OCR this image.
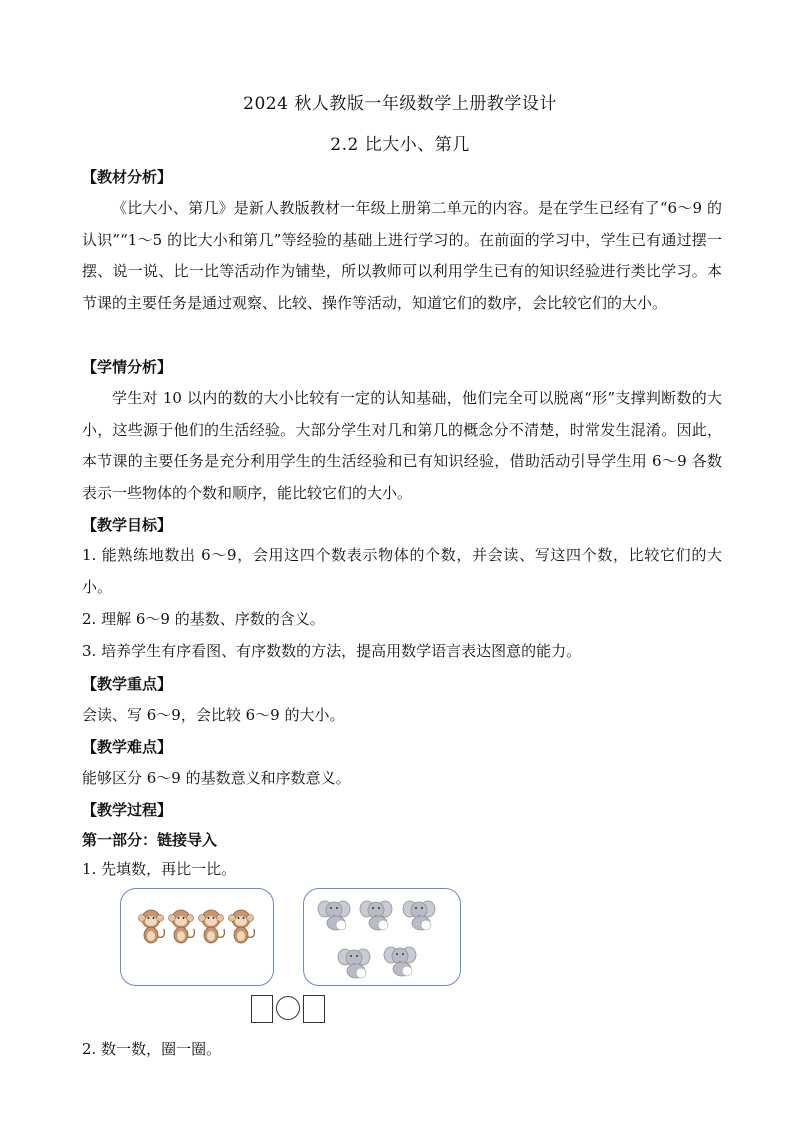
2024 秋人教版一年级数学上册教学设计
2.2 比大小、第几
【教材分析】

《比大小、第几》是新人教版教材一年级上册第二单元的内容。是在学生已经有了“6～9 的认识”“1～5 的比大小和第几”等经验的基础上进行学习的。在前面的学习中，学生已有通过摆一摆、说一说、比一比等活动作为铺垫，所以教师可以利用学生已有的知识经验进行类比学习。本节课的主要任务是通过观察、比较、操作等活动，知道它们的数序，会比较它们的大小。

【学情分析】

学生对 10 以内的数的大小比较有一定的认知基础，他们完全可以脱离“形”支撑判断数的大小，这些源于他们的生活经验。大部分学生对几和第几的概念分不清楚，时常发生混淆。因此，本节课的主要任务是充分利用学生的生活经验和已有知识经验，借助活动引导学生用 6～9 各数表示一些物体的个数和顺序，能比较它们的大小。

【教学目标】

1. 能熟练地数出 6～9，会用这四个数表示物体的个数，并会读、写这四个数，比较它们的大小。

2. 理解 6～9 的基数、序数的含义。
3. 培养学生有序看图、有序数数的方法，提高用数学语言表达图意的能力。
【教学重点】
会读、写 6～9，会比较 6～9 的大小。
【教学难点】
能够区分 6～9 的基数意义和序数意义。
【教学过程】
第一部分：链接导入
1. 先填数，再比一比。
2. 数一数，圈一圈。
